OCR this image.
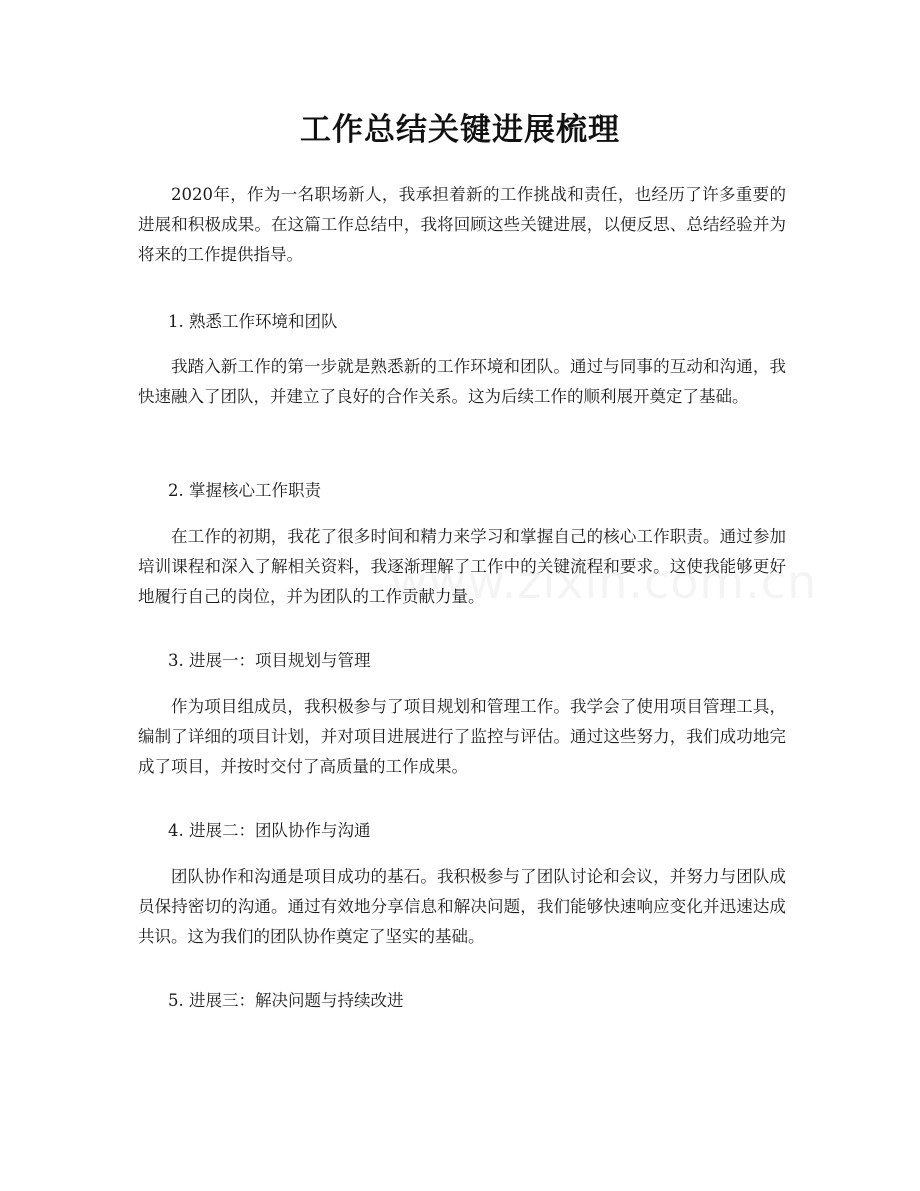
工作总结关键进展梳理

2020年，作为一名职场新人，我承担着新的工作挑战和责任，也经历了许多重要的进展和积极成果。在这篇工作总结中，我将回顾这些关键进展，以便反思、总结经验并为将来的工作提供指导。

1. 熟悉工作环境和团队

我踏入新工作的第一步就是熟悉新的工作环境和团队。通过与同事的互动和沟通，我快速融入了团队，并建立了良好的合作关系。这为后续工作的顺利展开奠定了基础。

2. 掌握核心工作职责

在工作的初期，我花了很多时间和精力来学习和掌握自己的核心工作职责。通过参加培训课程和深入了解相关资料，我逐渐理解了工作中的关键流程和要求。这使我能够更好地履行自己的岗位，并为团队的工作贡献力量。

3. 进展一：项目规划与管理

作为项目组成员，我积极参与了项目规划和管理工作。我学会了使用项目管理工具，编制了详细的项目计划，并对项目进展进行了监控与评估。通过这些努力，我们成功地完成了项目，并按时交付了高质量的工作成果。

4. 进展二：团队协作与沟通

团队协作和沟通是项目成功的基石。我积极参与了团队讨论和会议，并努力与团队成员保持密切的沟通。通过有效地分享信息和解决问题，我们能够快速响应变化并迅速达成共识。这为我们的团队协作奠定了坚实的基础。

5. 进展三：解决问题与持续改进
